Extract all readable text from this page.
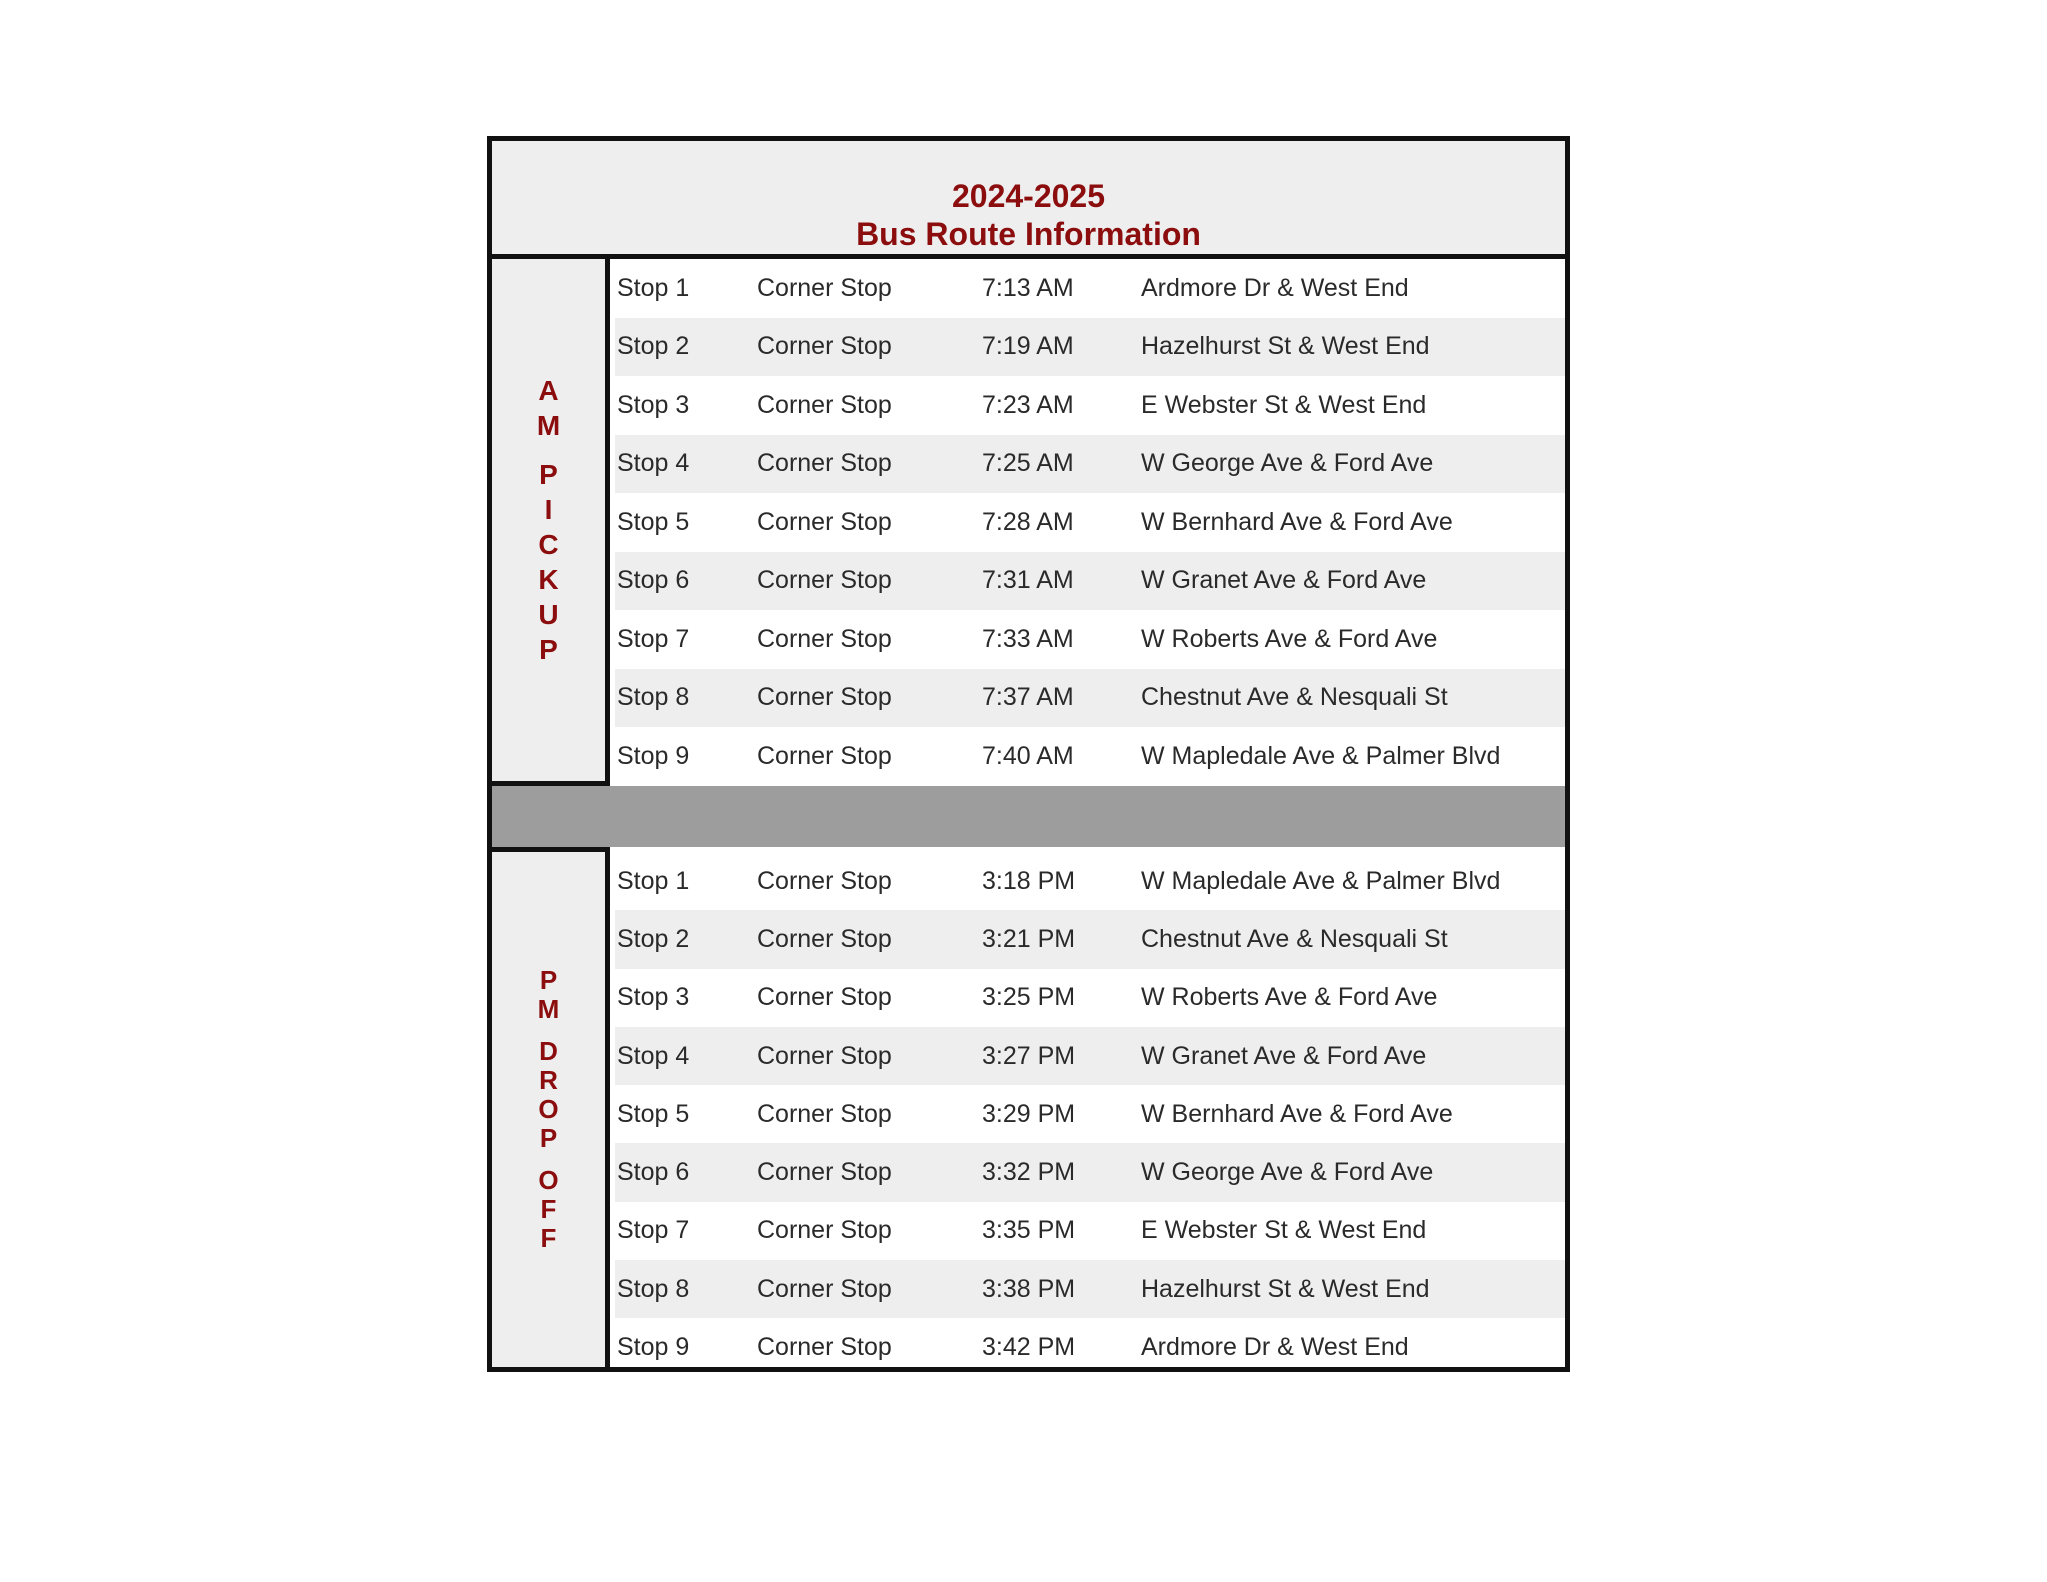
2024-2025
Bus Route Information
A
M
P
I
C
K
U
P
Stop 1	Corner Stop	7:13 AM	Ardmore Dr & West End
Stop 2	Corner Stop	7:19 AM	Hazelhurst St & West End
Stop 3	Corner Stop	7:23 AM	E Webster St & West End
Stop 4	Corner Stop	7:25 AM	W George Ave & Ford Ave
Stop 5	Corner Stop	7:28 AM	W Bernhard Ave & Ford Ave
Stop 6	Corner Stop	7:31 AM	W Granet Ave & Ford Ave
Stop 7	Corner Stop	7:33 AM	W Roberts Ave & Ford Ave
Stop 8	Corner Stop	7:37 AM	Chestnut Ave & Nesquali St
Stop 9	Corner Stop	7:40 AM	W Mapledale Ave & Palmer Blvd
P
M
D
R
O
P
O
F
F
Stop 1	Corner Stop	3:18 PM	W Mapledale Ave & Palmer Blvd
Stop 2	Corner Stop	3:21 PM	Chestnut Ave & Nesquali St
Stop 3	Corner Stop	3:25 PM	W Roberts Ave & Ford Ave
Stop 4	Corner Stop	3:27 PM	W Granet Ave & Ford Ave
Stop 5	Corner Stop	3:29 PM	W Bernhard Ave & Ford Ave
Stop 6	Corner Stop	3:32 PM	W George Ave & Ford Ave
Stop 7	Corner Stop	3:35 PM	E Webster St & West End
Stop 8	Corner Stop	3:38 PM	Hazelhurst St & West End
Stop 9	Corner Stop	3:42 PM	Ardmore Dr & West End
